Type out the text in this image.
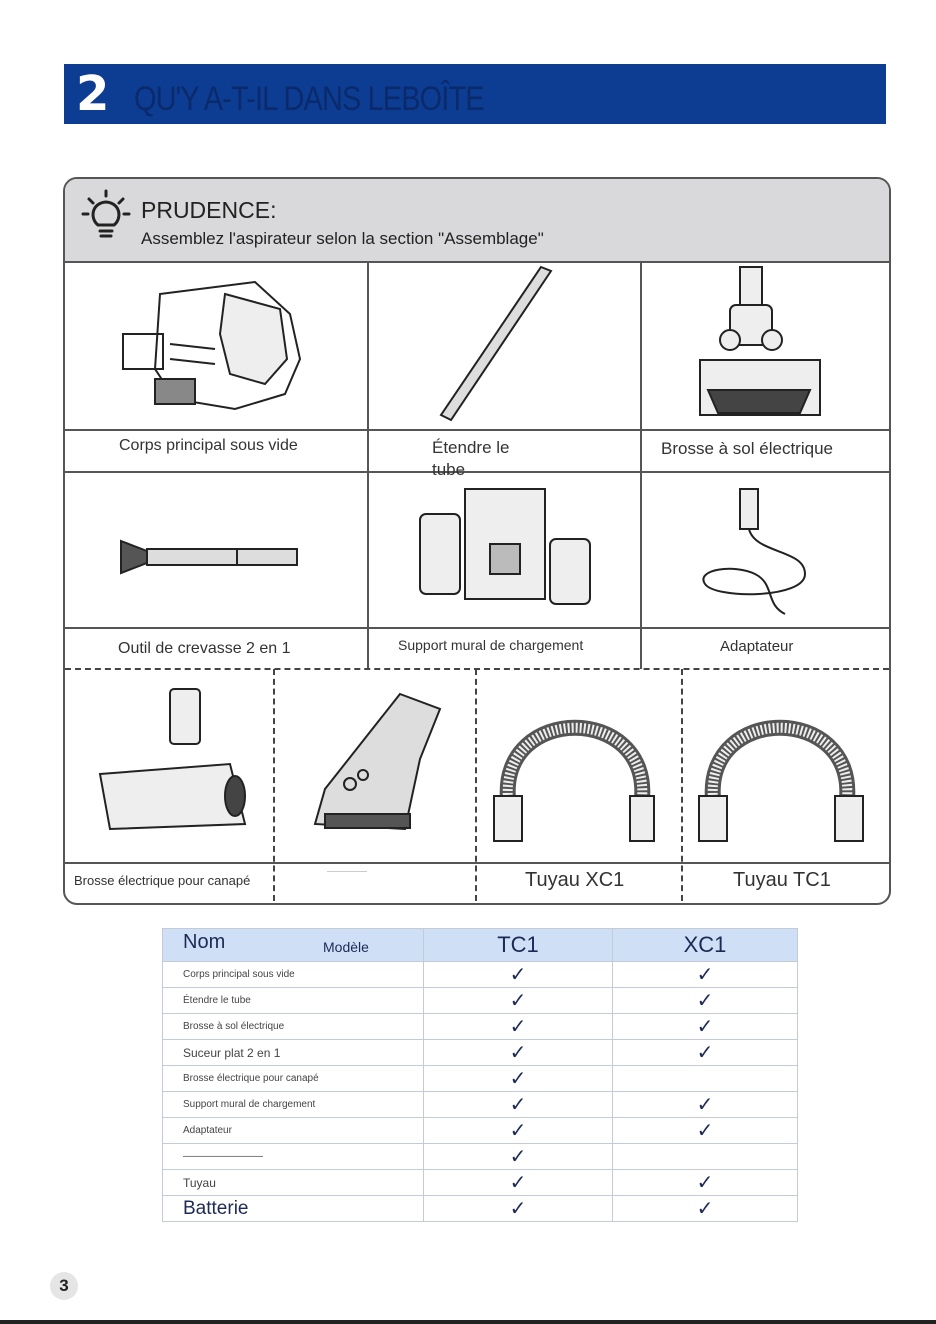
2 QU'Y A-T-IL DANS LEBOÎTE
PRUDENCE:
Assemblez l'aspirateur selon la section "Assemblage"
Corps principal sous vide	Étendre le tube
Brosse à sol électrique
Outil de crevasse 2 en 1	Support mural de chargement	Adaptateur
Brosse électrique pour canapé
————————	Tuyau XC1	Tuyau TC1
Nom Modèle	TC1	XC1
Corps principal sous vide	✓	✓
Étendre le tube	✓	✓
Brosse à sol électrique	✓	✓
Suceur plat 2 en 1	✓	✓
Brosse électrique pour canapé	✓	
Support mural de chargement	✓	✓
Adaptateur	✓	✓
————————	✓	
Tuyau	✓	✓
Batterie	✓	✓
3
